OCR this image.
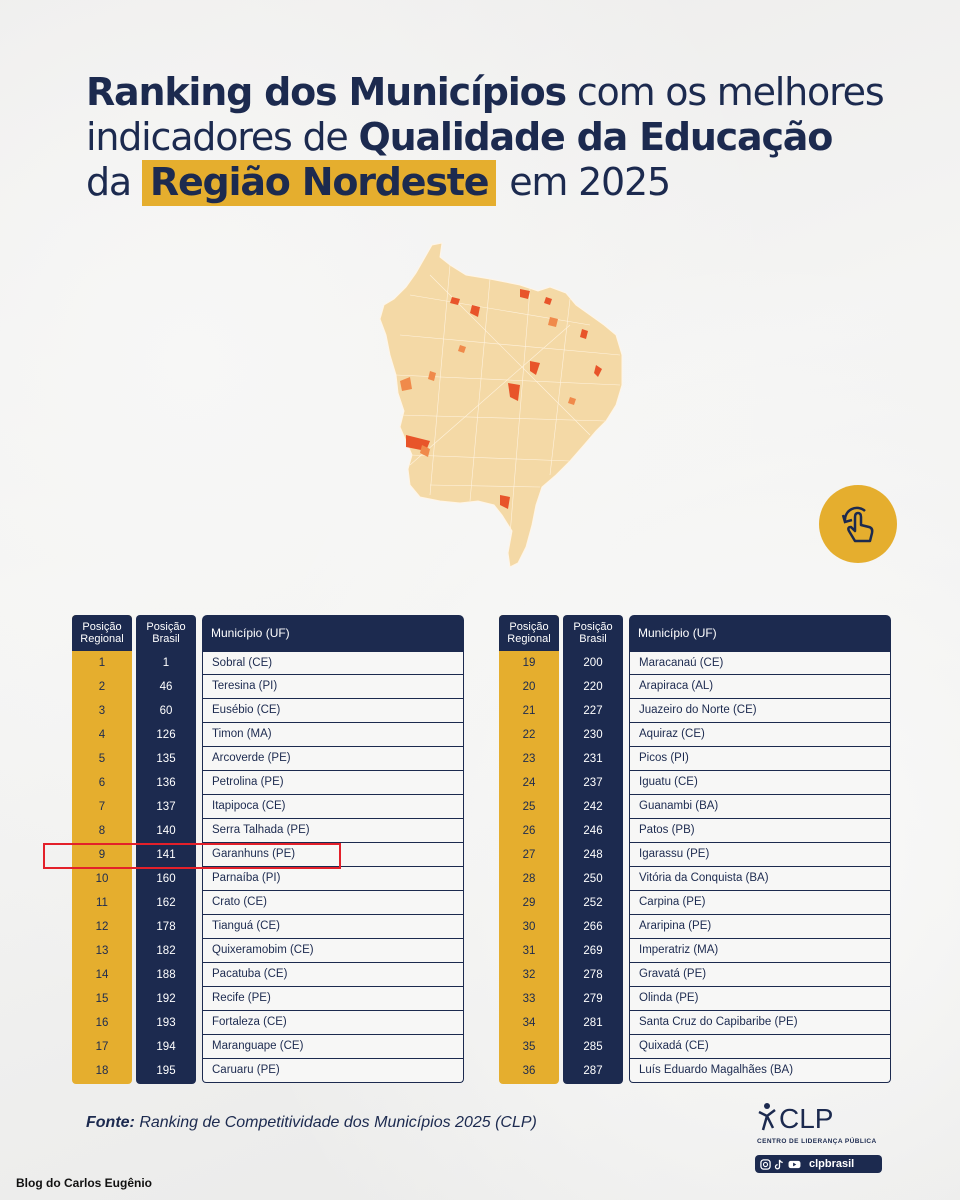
Ranking dos Municípios com os melhores
indicadores de Qualidade da Educação
da Região Nordeste em 2025
Posição Regional
Posição Brasil	Município (UF)
1	1	Sobral (CE)
2	46	Teresina (PI)
3	60	Eusébio (CE)
4	126	Timon (MA)
5	135	Arcoverde (PE)
6	136	Petrolina (PE)
7	137	Itapipoca (CE)
8	140	Serra Talhada (PE)
9	141	Garanhuns (PE)
10	160	Parnaíba (PI)
11	162	Crato (CE)
12	178	Tianguá (CE)
13	182	Quixeramobim (CE)
14	188	Pacatuba (CE)
15	192	Recife (PE)
16	193	Fortaleza (CE)
17	194	Maranguape (CE)
18	195	Caruaru (PE)
Posição Regional
Posição Brasil	Município (UF)
19	200	Maracanaú (CE)
20	220	Arapiraca (AL)
21	227	Juazeiro do Norte (CE)
22	230	Aquiraz (CE)
23	231	Picos (PI)
24	237	Iguatu (CE)
25	242	Guanambi (BA)
26	246	Patos (PB)
27	248	Igarassu (PE)
28	250	Vitória da Conquista (BA)
29	252	Carpina (PE)
30	266	Araripina (PE)
31	269	Imperatriz (MA)
32	278	Gravatá (PE)
33	279	Olinda (PE)
34	281	Santa Cruz do Capibaribe (PE)
35	285	Quixadá (CE)
36	287	Luís Eduardo Magalhães (BA)
Fonte: Ranking de Competitividade dos Municípios 2025 (CLP)	CLP
CENTRO DE LIDERANÇA PÚBLICA
clpbrasil
Blog do Carlos Eugênio
